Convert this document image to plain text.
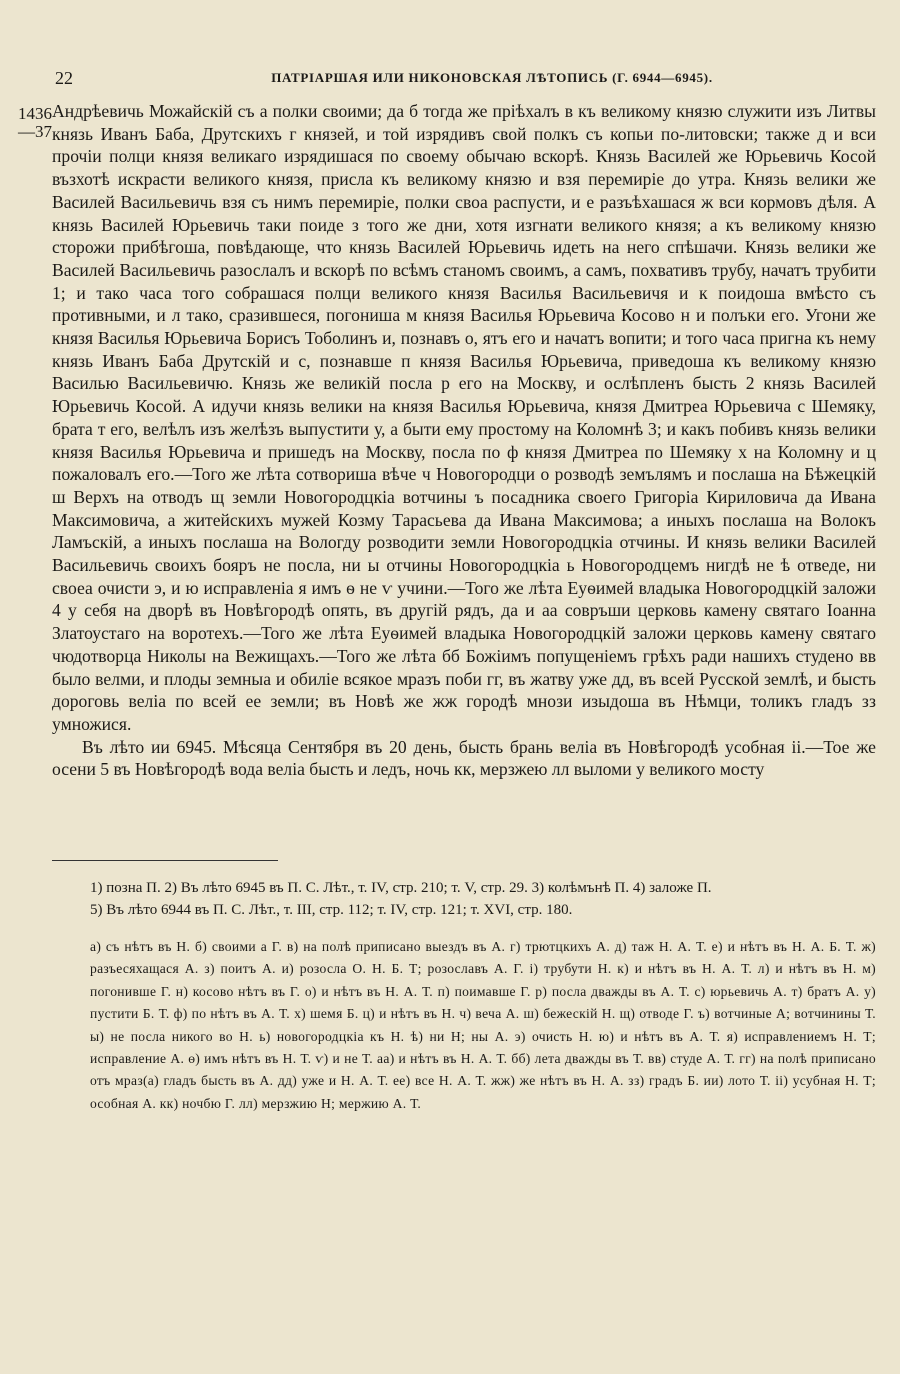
22	ПАТРІАРШАЯ ИЛИ НИКОНОВСКАЯ ЛѢТОПИСЬ (Г. 6944—6945).
1436
—37

Андрѣевичь Можайскій съ а полки своими; да б тогда же пріѣхалъ в къ великому князю служити изъ Литвы князь Иванъ Баба, Друтскихъ г князей, и той изрядивъ свой полкъ съ копьи по-литовски; также д и вси прочіи полци князя великаго изрядишася по своему обычаю вскорѣ. Князь Василей же Юрьевичь Косой възхотѣ искрасти великого князя, присла къ великому князю и взя перемиріе до утра. Князь велики же Василей Васильевичь взя съ нимъ перемиріе, полки своа распусти, и е разъѣхашася ж вси кормовъ дѣля. А князь Василей Юрьевичь таки поиде з того же дни, хотя изгнати великого князя; а къ великому князю сторожи прибѣгоша, повѣдающе, что князь Василей Юрьевичь идеть на него спѣшачи. Князь велики же Василей Васильевичь разослалъ и вскорѣ по всѣмъ станомъ своимъ, а самъ, похвативъ трубу, начатъ трубити 1; и тако часа того собрашася полци великого князя Василья Васильевичя и к поидоша вмѣсто съ противными, и л тако, сразившеся, погониша м князя Василья Юрьевича Косово н и полъки его. Угони же князя Василья Юрьевича Борисъ Тоболинъ и, познавъ о, ятъ его и начатъ вопити; и того часа пригна къ нему князь Иванъ Баба Друтскій и с, познавше п князя Василья Юрьевича, приведоша къ великому князю Василью Васильевичю. Князь же великій посла р его на Москву, и ослѣпленъ бысть 2 князь Василей Юрьевичь Косой. А идучи князь велики на князя Василья Юрьевича, князя Дмитреа Юрьевича с Шемяку, брата т его, велѣлъ изъ желѣзъ выпустити у, а быти ему простому на Коломнѣ 3; и какъ побивъ князь велики князя Василья Юрьевича и пришедъ на Москву, посла по ф князя Дмитреа по Шемяку х на Коломну и ц пожаловалъ его.—Того же лѣта сотвориша вѣче ч Новогородци о розводѣ земълямъ и послаша на Бѣжецкій ш Верхъ на отводъ щ земли Новогородцкіа вотчины ъ посадника своего Григоріа Кириловича да Ивана Максимовича, а житейскихъ мужей Козму Тарасьева да Ивана Максимова; а иныхъ послаша на Волокъ Ламъскій, а иныхъ послаша на Вологду розводити земли Новогородцкіа отчины. И князь велики Василей Васильевичь своихъ бояръ не посла, ни ы отчины Новогородцкіа ь Новогородцемъ нигдѣ не ѣ отведе, ни своеа очисти э, и ю исправленіа я имъ ѳ не ѵ учини.—Того же лѣта Еуѳимей владыка Новогородцкій заложи 4 у себя на дворѣ въ Новѣгородѣ опять, въ другій рядъ, да и аа совръши церковь камену святаго Іоанна Златоустаго на воротехъ.—Того же лѣта Еуѳимей владыка Новогородцкій заложи церковь камену святаго чюдотворца Николы на Вежищахъ.—Того же лѣта бб Божіимъ попущеніемъ грѣхъ ради нашихъ студено вв было велми, и плоды земныа и обиліе всякое мразъ поби гг, въ жатву уже дд, въ всей Русской землѣ, и бысть дороговь веліа по всей ее земли; въ Новѣ же жж городѣ мнози изыдоша въ Нѣмци, толикъ гладъ зз умножися.

Въ лѣто ии 6945. Мѣсяца Сентября въ 20 день, бысть брань веліа въ Новѣгородѣ усобная іі.—Тое же осени 5 въ Новѣгородѣ вода веліа бысть и ледъ, ночь кк, мерзжею лл выломи у великого мосту

1) позна П. 2) Въ лѣто 6945 въ П. С. Лѣт., т. IV, стр. 210; т. V, стр. 29. 3) колѣмънѣ П. 4) заложе П.

5) Въ лѣто 6944 въ П. С. Лѣт., т. III, стр. 112; т. IV, стр. 121; т. XVI, стр. 180.

а) съ нѣтъ въ Н. б) своими а Г. в) на полѣ приписано выездъ въ А. г) трютцкихъ А. д) таж Н. А. Т. е) и нѣтъ въ Н. А. Б. Т. ж) разъесяхащася А. з) поитъ А. и) розосла О. Н. Б. Т; розославъ А. Г. і) трубути Н. к) и нѣтъ въ Н. А. Т. л) и нѣтъ въ Н. м) погонивше Г. н) косово нѣтъ въ Г. о) и нѣтъ въ Н. А. Т. п) поимавше Г. р) посла дважды въ А. Т. с) юрьевичь А. т) братъ А. у) пустити Б. Т. ф) по нѣтъ въ А. Т. х) шемя Б. ц) и нѣтъ въ Н. ч) веча А. ш) бежескій Н. щ) отводе Г. ъ) вотчиные А; вотчинины Т. ы) не посла никого во Н. ь) новогородцкіа къ Н. ѣ) ни Н; ны А. э) очисть Н. ю) и нѣтъ въ А. Т. я) исправлениемъ Н. Т; исправление А. ѳ) имъ нѣтъ въ Н. Т. ѵ) и не Т. аа) и нѣтъ въ Н. А. Т. бб) лета дважды въ Т. вв) студе А. Т. гг) на полѣ приписано отъ мраз(а) гладъ бысть въ А. дд) уже и Н. А. Т. ее) все Н. А. Т. жж) же нѣтъ въ Н. А. зз) градъ Б. ии) лото Т. іі) усубная Н. Т; особная А. кк) ночбю Г. лл) мерзжию Н; мержию А. Т.
